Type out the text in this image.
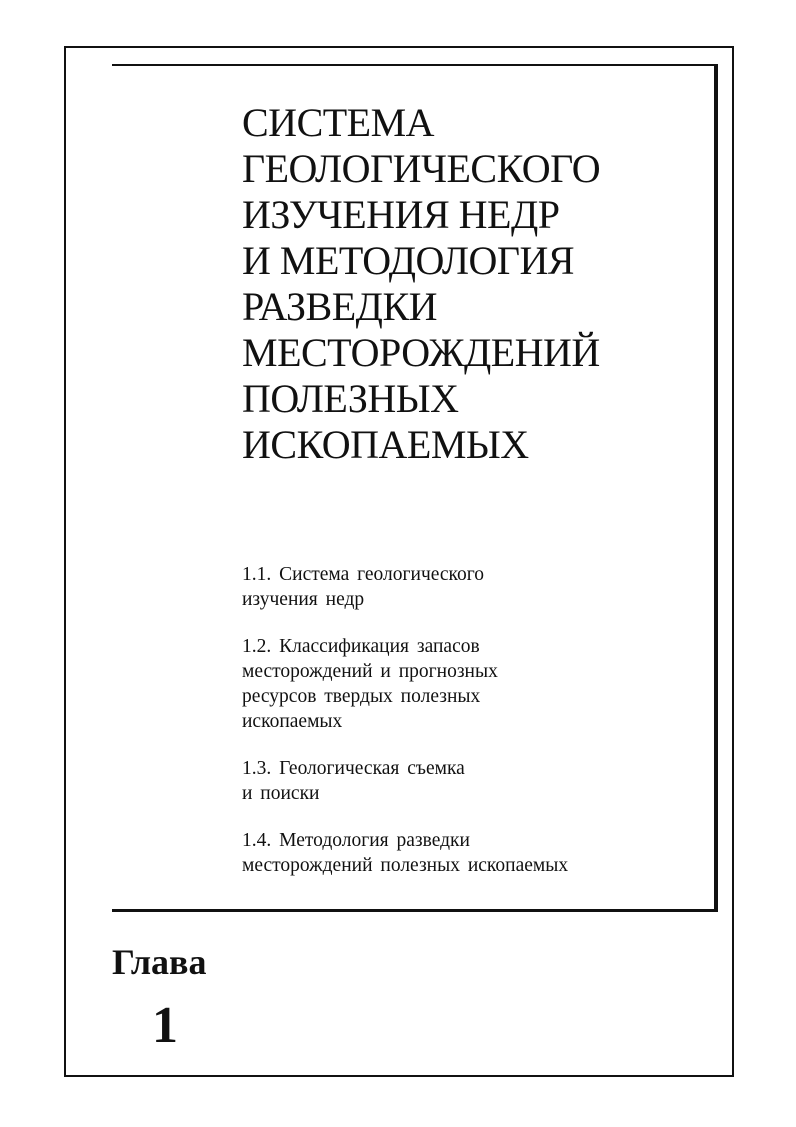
СИСТЕМА
ГЕОЛОГИЧЕСКОГО
ИЗУЧЕНИЯ НЕДР
И МЕТОДОЛОГИЯ
РАЗВЕДКИ
МЕСТОРОЖДЕНИЙ
ПОЛЕЗНЫХ
ИСКОПАЕМЫХ
1.1. Система геологического
изучения недр
1.2. Классификация запасов
месторождений и прогнозных
ресурсов твердых полезных
ископаемых
1.3. Геологическая съемка
и поиски
1.4. Методология разведки
месторождений полезных ископаемых

Глава

1
